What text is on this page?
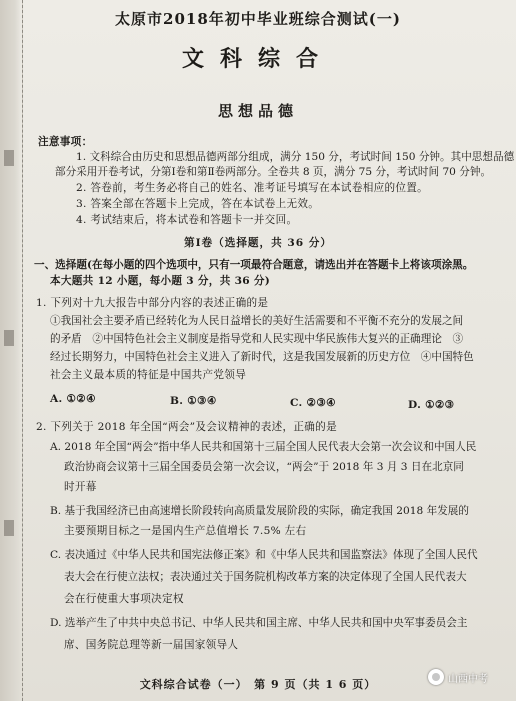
太原市2018年初中毕业班综合测试(一)
文科综合
思想品德
注意事项：
1. 文科综合由历史和思想品德两部分组成，满分 150 分，考试时间 150 分钟。其中思想品德
部分采用开卷考试，分第Ⅰ卷和第Ⅱ卷两部分。全卷共 8 页，满分 75 分，考试时间 70 分钟。
2. 答卷前，考生务必将自己的姓名、准考证号填写在本试卷相应的位置。
3. 答案全部在答题卡上完成，答在本试卷上无效。
4. 考试结束后，将本试卷和答题卡一并交回。
第Ⅰ卷（选择题，共 36 分）
一、选择题(在每小题的四个选项中，只有一项最符合题意，请选出并在答题卡上将该项涂黑。
本大题共 12 小题，每小题 3 分，共 36 分)
1. 下列对十九大报告中部分内容的表述正确的是
①我国社会主要矛盾已经转化为人民日益增长的美好生活需要和不平衡不充分的发展之间
的矛盾　②中国特色社会主义制度是指导党和人民实现中华民族伟大复兴的正确理论　③
经过长期努力，中国特色社会主义进入了新时代，这是我国发展新的历史方位　④中国特色
社会主义最本质的特征是中国共产党领导
A. ①②④	B. ①③④	C. ②③④	D. ①②③
2. 下列关于 2018 年全国“两会”及会议精神的表述，正确的是
A. 2018 年全国“两会”指中华人民共和国第十三届全国人民代表大会第一次会议和中国人民
政治协商会议第十三届全国委员会第一次会议，“两会”于 2018 年 3 月 3 日在北京同
时开幕
B. 基于我国经济已由高速增长阶段转向高质量发展阶段的实际，确定我国 2018 年发展的
主要预期目标之一是国内生产总值增长 7.5% 左右
C. 表决通过《中华人民共和国宪法修正案》和《中华人民共和国监察法》体现了全国人民代
表大会在行使立法权；表决通过关于国务院机构改革方案的决定体现了全国人民代表大
会在行使重大事项决定权
D. 选举产生了中共中央总书记、中华人民共和国主席、中华人民共和国中央军事委员会主
席、国务院总理等新一届国家领导人
文科综合试卷（一）　第 9 页（共 1 6 页）	山西中考
